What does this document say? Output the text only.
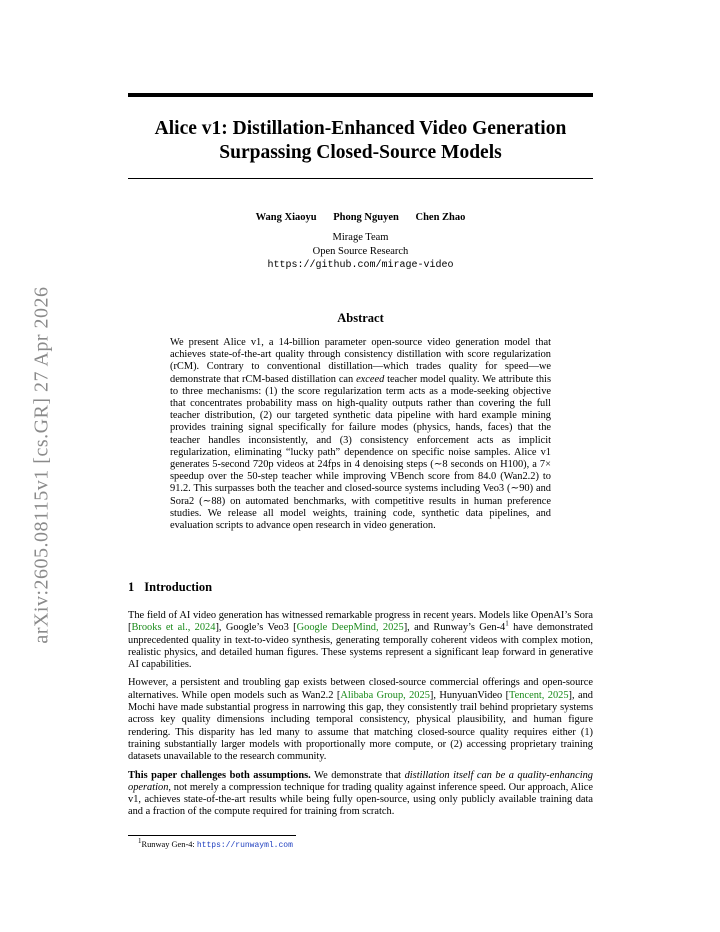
arXiv:2605.08115v1 [cs.GR] 27 Apr 2026
Alice v1: Distillation-Enhanced Video Generation
Surpassing Closed-Source Models
Wang Xiaoyu Phong Nguyen Chen Zhao
Mirage Team
Open Source Research
https://github.com/mirage-video
Abstract
We present Alice v1, a 14-billion parameter open-source video generation model that achieves state-of-the-art quality through consistency distillation with score regularization (rCM). Contrary to conventional distillation—which trades quality for speed—we demonstrate that rCM-based distillation can exceed teacher model quality. We attribute this to three mechanisms: (1) the score regularization term acts as a mode-seeking objective that concentrates probability mass on high-quality outputs rather than covering the full teacher distribution, (2) our targeted synthetic data pipeline with hard example mining provides training signal specifically for failure modes (physics, hands, faces) that the teacher handles inconsistently, and (3) consistency enforcement acts as implicit regularization, eliminating “lucky path” dependence on specific noise samples. Alice v1 generates 5-second 720p videos at 24fps in 4 denoising steps (∼8 seconds on H100), a 7× speedup over the 50-step teacher while improving VBench score from 84.0 (Wan2.2) to 91.2. This surpasses both the teacher and closed-source systems including Veo3 (∼90) and Sora2 (∼88) on automated benchmarks, with competitive results in human preference studies. We release all model weights, training code, synthetic data pipelines, and evaluation scripts to advance open research in video generation.
1 Introduction

The field of AI video generation has witnessed remarkable progress in recent years. Models like OpenAI’s Sora [Brooks et al., 2024], Google’s Veo3 [Google DeepMind, 2025], and Runway’s Gen-$4^1$ have demonstrated unprecedented quality in text-to-video synthesis, generating temporally coherent videos with complex motion, realistic physics, and detailed human figures. These systems represent a significant leap forward in generative AI capabilities.

However, a persistent and troubling gap exists between closed-source commercial offerings and open-source alternatives. While open models such as Wan2.2 [Alibaba Group, 2025], HunyuanVideo [Tencent, 2025], and Mochi have made substantial progress in narrowing this gap, they consistently trail behind proprietary systems across key quality dimensions including temporal consistency, physical plausibility, and human figure rendering. This disparity has led many to assume that matching closed-source quality requires either (1) training substantially larger models with proportionally more compute, or (2) accessing proprietary training datasets unavailable to the research community.

This paper challenges both assumptions. We demonstrate that distillation itself can be a quality-enhancing operation, not merely a compression technique for trading quality against inference speed. Our approach, Alice v1, achieves state-of-the-art results while being fully open-source, using only publicly available training data and a fraction of the compute required for training from scratch.

$^1$Runway Gen-4: https://runwayml.com
